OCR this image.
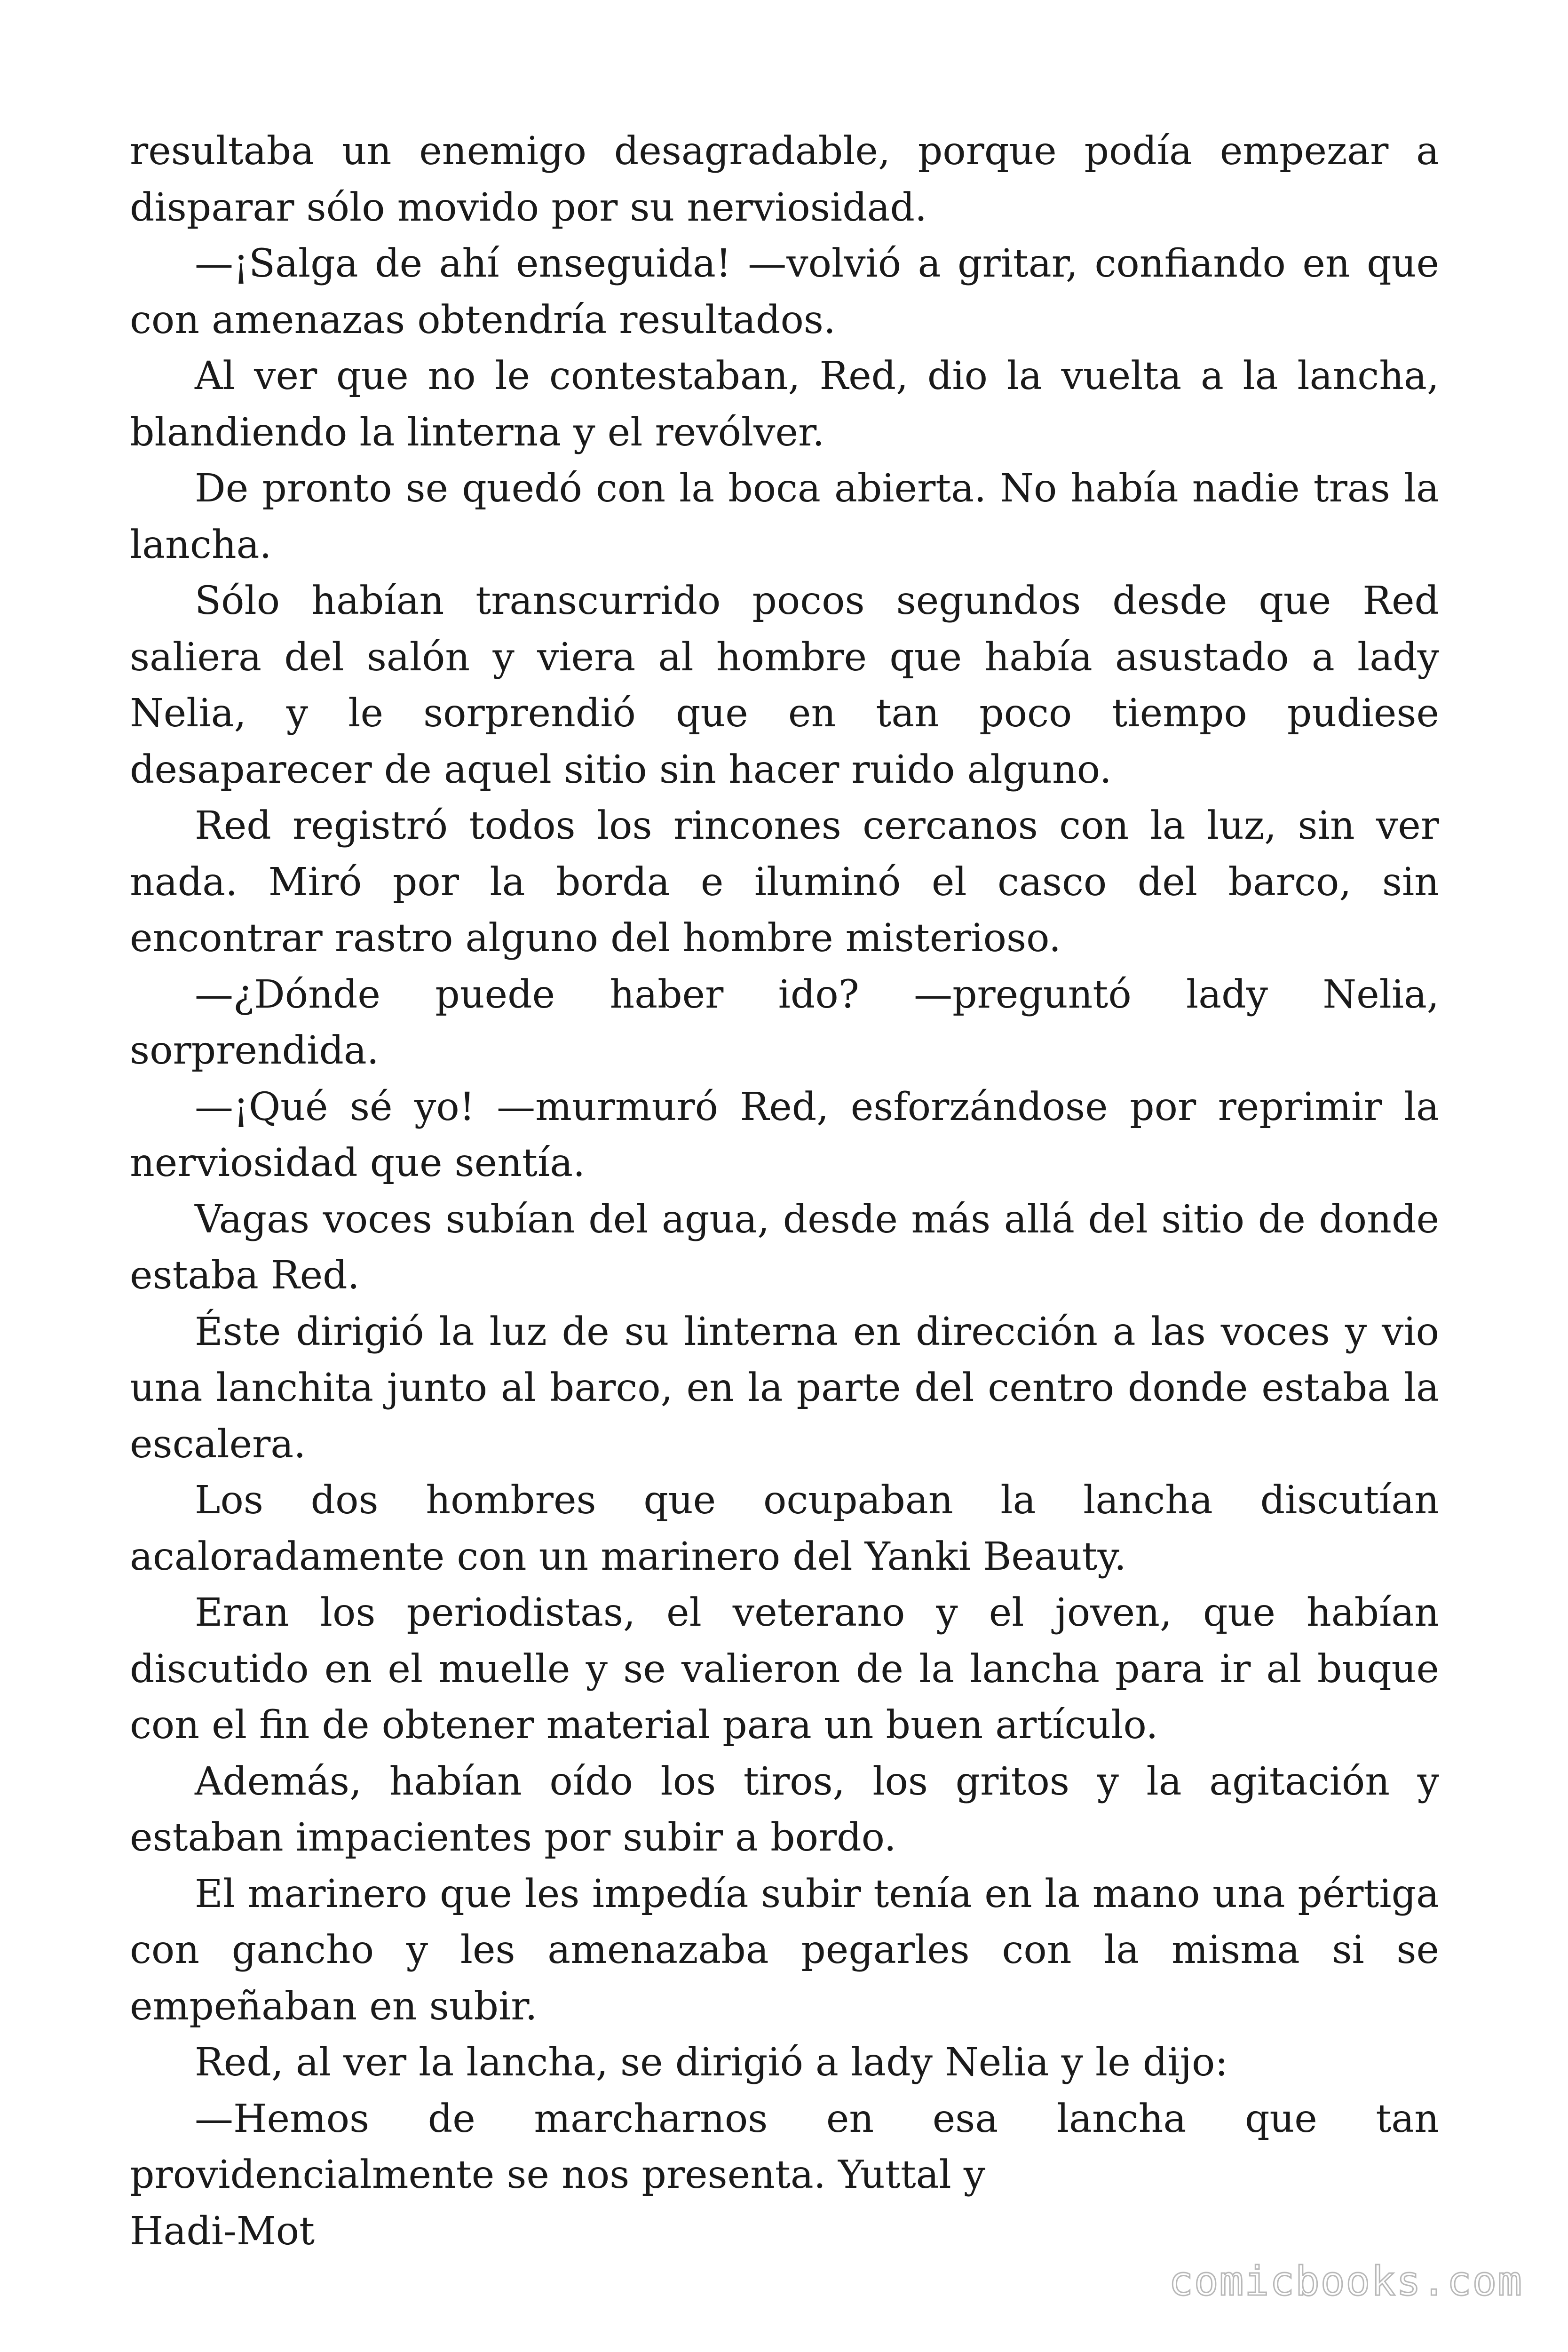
resultaba un enemigo desagradable, porque podía empezar a disparar sólo movido por su nerviosidad.

—¡Salga de ahí enseguida! —volvió a gritar, confiando en que con amenazas obtendría resultados.

Al ver que no le contestaban, Red, dio la vuelta a la lancha, blandiendo la linterna y el revólver.

De pronto se quedó con la boca abierta. No había nadie tras la lancha.

Sólo habían transcurrido pocos segundos desde que Red saliera del salón y viera al hombre que había asustado a lady Nelia, y le sorprendió que en tan poco tiempo pudiese desaparecer de aquel sitio sin hacer ruido alguno.

Red registró todos los rincones cercanos con la luz, sin ver nada. Miró por la borda e iluminó el casco del barco, sin encontrar rastro alguno del hombre misterioso.

—¿Dónde puede haber ido? —preguntó lady Nelia, sorprendida.

—¡Qué sé yo! —murmuró Red, esforzándose por reprimir la nerviosidad que sentía.

Vagas voces subían del agua, desde más allá del sitio de donde estaba Red.

Éste dirigió la luz de su linterna en dirección a las voces y vio una lanchita junto al barco, en la parte del centro donde estaba la escalera.

Los dos hombres que ocupaban la lancha discutían acaloradamente con un marinero del Yanki Beauty.

Eran los periodistas, el veterano y el joven, que habían discutido en el muelle y se valieron de la lancha para ir al buque con el fin de obtener material para un buen artículo.

Además, habían oído los tiros, los gritos y la agitación y estaban impacientes por subir a bordo.

El marinero que les impedía subir tenía en la mano una pértiga con gancho y les amenazaba pegarles con la misma si se empeñaban en subir.

Red, al ver la lancha, se dirigió a lady Nelia y le dijo:

—Hemos de marcharnos en esa lancha que tan providencialmente se nos presenta. Yuttal y

Hadi-Mot

comicbooks.com
